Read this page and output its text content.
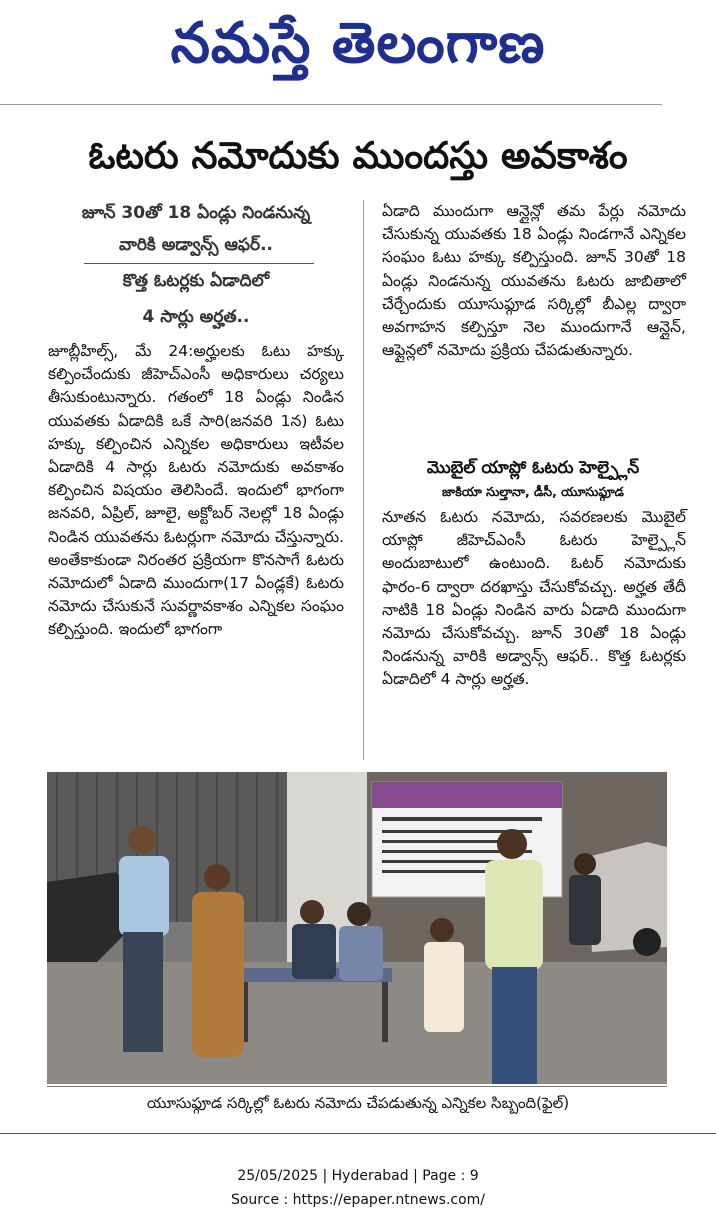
నమస్తే తెలంగాణ
ఓటరు నమోదుకు ముందస్తు అవకాశం
జూన్ 30తో 18 ఏండ్లు నిండనున్న
వారికి అడ్వాన్స్ ఆఫర్..
కొత్త ఓటర్లకు ఏడాదిలో
4 సార్లు అర్హత..

జూబ్లీహిల్స్, మే 24:అర్హులకు ఓటు హక్కు కల్పించేందుకు జీహెచ్ఎంసీ అధికారులు చర్యలు తీసుకుంటున్నారు. గతంలో 18 ఏండ్లు నిండిన యువతకు ఏడాదికి ఒకే సారి(జనవరి 1న) ఓటు హక్కు కల్పించిన ఎన్నికల అధికారులు ఇటీవల ఏడాదికి 4 సార్లు ఓటరు నమోదుకు అవకాశం కల్పించిన విషయం తెలిసిందే. ఇందులో భాగంగా జనవరి, ఏప్రిల్, జూలై, అక్టోబర్ నెలల్లో 18 ఏండ్లు నిండిన యువతను ఓటర్లుగా నమోదు చేస్తున్నారు. అంతేకాకుండా నిరంతర ప్రక్రియగా కొనసాగే ఓటరు నమోదులో ఏడాది ముందుగా(17 ఏండ్లకే) ఓటరు నమోదు చేసుకునే సువర్ణావకాశం ఎన్నికల సంఘం కల్పిస్తుంది. ఇందులో భాగంగా

ఏడాది ముందుగా ఆన్లైన్లో తమ పేర్లు నమోదు చేసుకున్న యువతకు 18 ఏండ్లు నిండగానే ఎన్నికల సంఘం ఓటు హక్కు కల్పిస్తుంది. జూన్ 30తో 18 ఏండ్లు నిండనున్న యువతను ఓటరు జాబితాలో చేర్చేందుకు యూసుఫ్గూడ సర్కిల్లో బీఎల్ల ద్వారా అవగాహన కల్పిస్తూ నెల ముందుగానే ఆన్లైన్, ఆఫ్లైన్లలో నమోదు ప్రక్రియ చేపడుతున్నారు.

మొబైల్ యాప్లో ఓటరు హెల్ప్లైన్
జాకియా సుల్తానా, డీసీ, యూసుఫ్గూడ

నూతన ఓటరు నమోదు, సవరణలకు మొబైల్ యాప్లో జీహెచ్ఎంసీ ఓటరు హెల్ప్లైన్ అందుబాటులో ఉంటుంది. ఓటర్ నమోదుకు ఫారం-6 ద్వారా దరఖాస్తు చేసుకోవచ్చు. అర్హత తేదీ నాటికి 18 ఏండ్లు నిండిన వారు ఏడాది ముందుగా నమోదు చేసుకోవచ్చు. జూన్ 30తో 18 ఏండ్లు నిండనున్న వారికి అడ్వాన్స్ ఆఫర్.. కొత్త ఓటర్లకు ఏడాదిలో 4 సార్లు అర్హత.

యూసుఫ్గూడ సర్కిల్లో ఓటరు నమోదు చేపడుతున్న ఎన్నికల సిబ్బంది(ఫైల్)
25/05/2025 | Hyderabad | Page : 9
Source : https://epaper.ntnews.com/
